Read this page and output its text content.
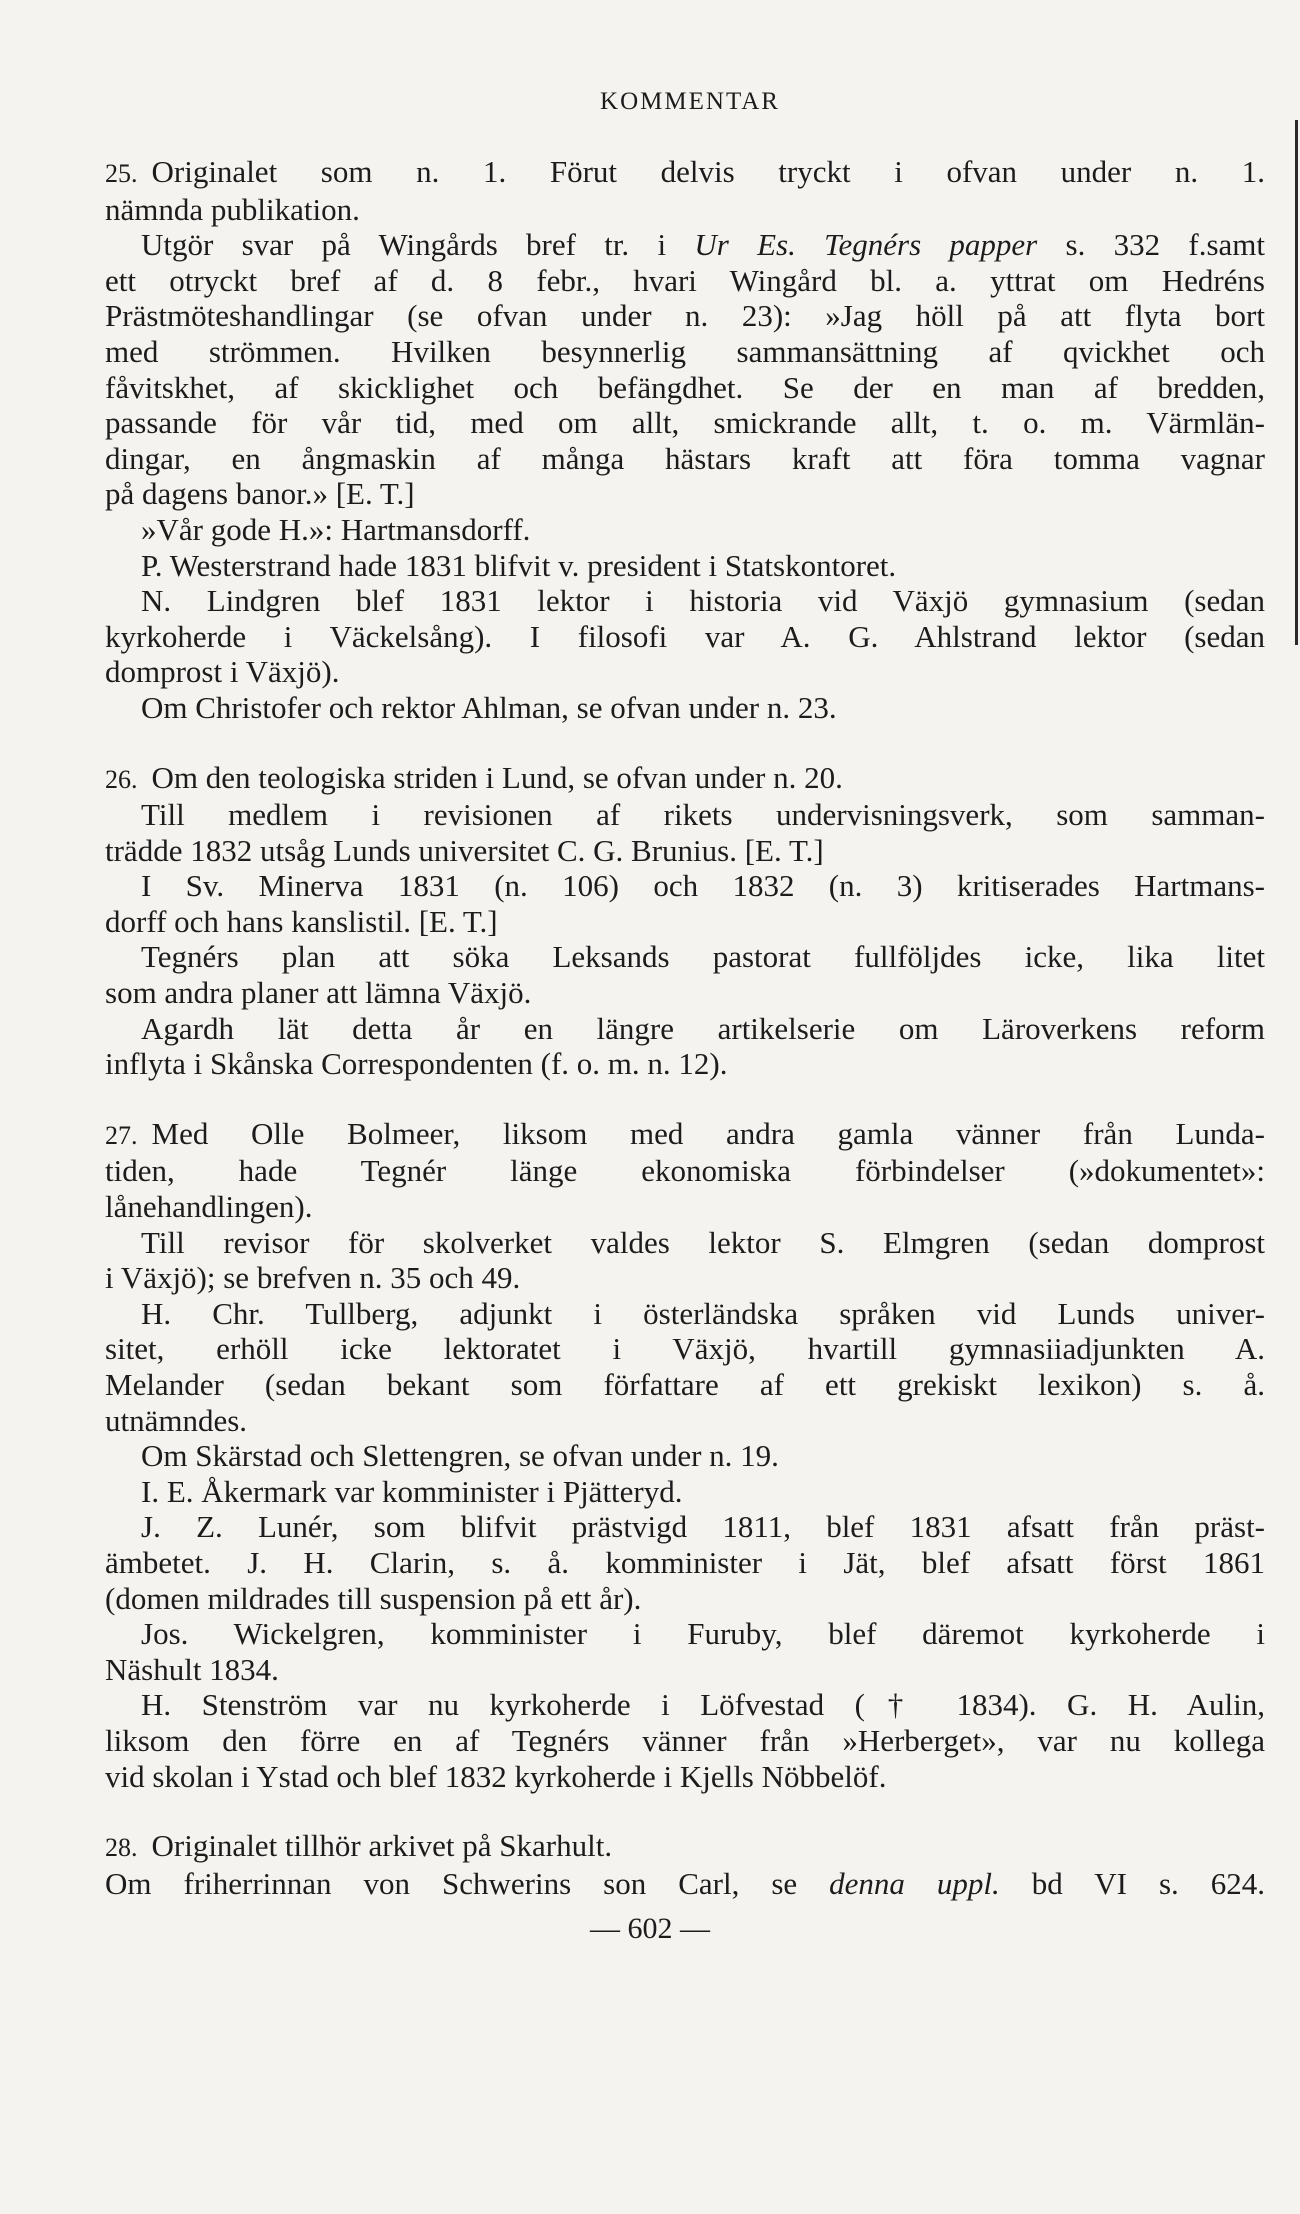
KOMMENTAR
25. Originalet som n. 1. Förut delvis tryckt i ofvan under n. 1.
nämnda publikation.
Utgör svar på Wingårds bref tr. i Ur Es. Tegnérs papper s. 332 f.samt
ett otryckt bref af d. 8 febr., hvari Wingård bl. a. yttrat om Hedréns
Prästmöteshandlingar (se ofvan under n. 23): »Jag höll på att flyta bort
med strömmen. Hvilken besynnerlig sammansättning af qvickhet och
fåvitskhet, af skicklighet och befängdhet. Se der en man af bredden,
passande för vår tid, med om allt, smickrande allt, t. o. m. Värmlän-
dingar, en ångmaskin af många hästars kraft att föra tomma vagnar
på dagens banor.» [E. T.]
»Vår gode H.»: Hartmansdorff.
P. Westerstrand hade 1831 blifvit v. president i Statskontoret.
N. Lindgren blef 1831 lektor i historia vid Växjö gymnasium (sedan
kyrkoherde i Väckelsång). I filosofi var A. G. Ahlstrand lektor (sedan
domprost i Växjö).
Om Christofer och rektor Ahlman, se ofvan under n. 23.
26. Om den teologiska striden i Lund, se ofvan under n. 20.
Till medlem i revisionen af rikets undervisningsverk, som samman-
trädde 1832 utsåg Lunds universitet C. G. Brunius. [E. T.]
I Sv. Minerva 1831 (n. 106) och 1832 (n. 3) kritiserades Hartmans-
dorff och hans kanslistil. [E. T.]
Tegnérs plan att söka Leksands pastorat fullföljdes icke, lika litet
som andra planer att lämna Växjö.
Agardh lät detta år en längre artikelserie om Läroverkens reform
inflyta i Skånska Correspondenten (f. o. m. n. 12).
27. Med Olle Bolmeer, liksom med andra gamla vänner från Lunda-
tiden, hade Tegnér länge ekonomiska förbindelser (»dokumentet»:
lånehandlingen).
Till revisor för skolverket valdes lektor S. Elmgren (sedan domprost
i Växjö); se brefven n. 35 och 49.
H. Chr. Tullberg, adjunkt i österländska språken vid Lunds univer-
sitet, erhöll icke lektoratet i Växjö, hvartill gymnasiiadjunkten A.
Melander (sedan bekant som författare af ett grekiskt lexikon) s. å.
utnämndes.
Om Skärstad och Slettengren, se ofvan under n. 19.
I. E. Åkermark var komminister i Pjätteryd.
J. Z. Lunér, som blifvit prästvigd 1811, blef 1831 afsatt från präst-
ämbetet. J. H. Clarin, s. å. komminister i Jät, blef afsatt först 1861
(domen mildrades till suspension på ett år).
Jos. Wickelgren, komminister i Furuby, blef däremot kyrkoherde i
Näshult 1834.
H. Stenström var nu kyrkoherde i Löfvestad († 1834). G. H. Aulin,
liksom den förre en af Tegnérs vänner från »Herberget», var nu kollega
vid skolan i Ystad och blef 1832 kyrkoherde i Kjells Nöbbelöf.
28. Originalet tillhör arkivet på Skarhult.
Om friherrinnan von Schwerins son Carl, se denna uppl. bd VI s. 624.
— 602 —
